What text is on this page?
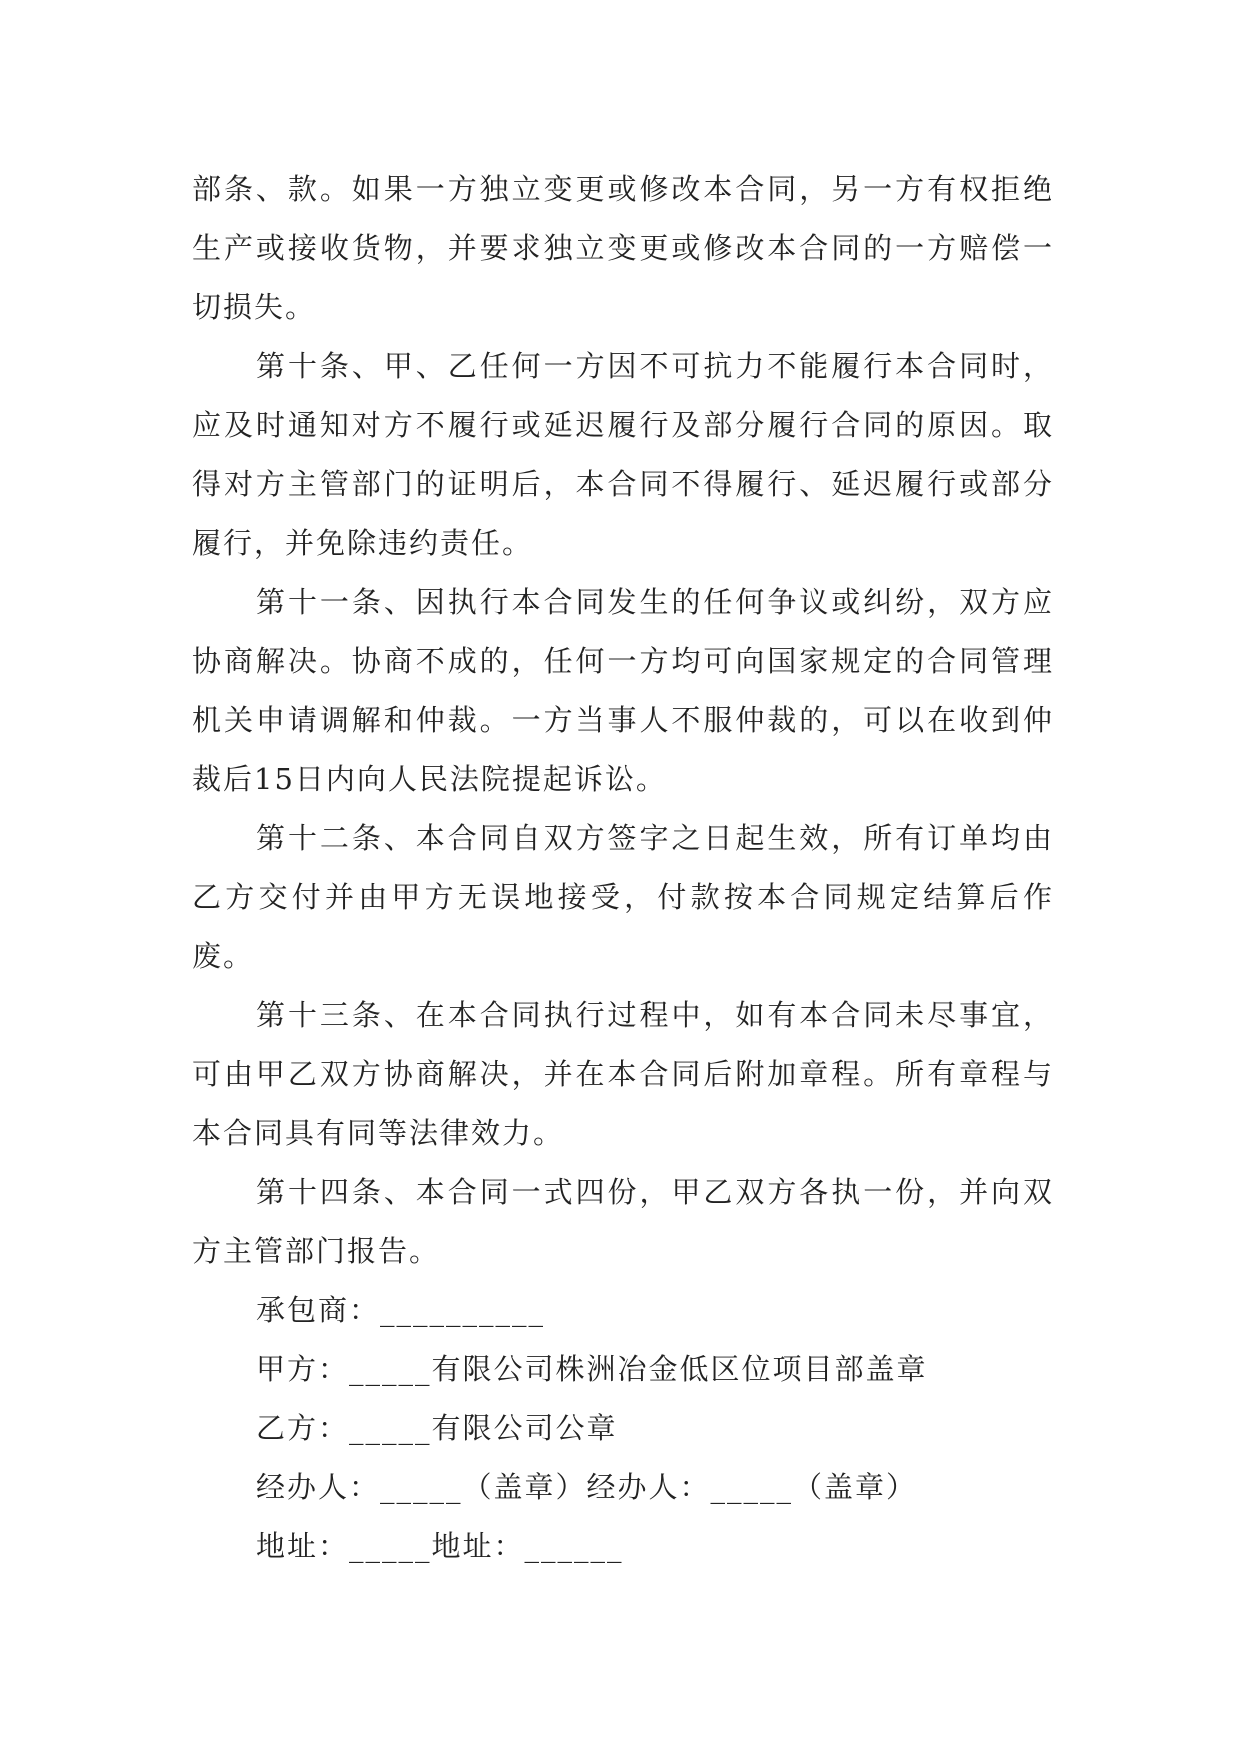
部条、款。如果一方独立变更或修改本合同，另一方有权拒绝生产或接收货物，并要求独立变更或修改本合同的一方赔偿一切损失。

第十条、甲、乙任何一方因不可抗力不能履行本合同时，应及时通知对方不履行或延迟履行及部分履行合同的原因。取得对方主管部门的证明后，本合同不得履行、延迟履行或部分履行，并免除违约责任。

第十一条、因执行本合同发生的任何争议或纠纷，双方应协商解决。协商不成的，任何一方均可向国家规定的合同管理机关申请调解和仲裁。一方当事人不服仲裁的，可以在收到仲裁后15日内向人民法院提起诉讼。

第十二条、本合同自双方签字之日起生效，所有订单均由乙方交付并由甲方无误地接受，付款按本合同规定结算后作废。

第十三条、在本合同执行过程中，如有本合同未尽事宜，可由甲乙双方协商解决，并在本合同后附加章程。所有章程与本合同具有同等法律效力。

第十四条、本合同一式四份，甲乙双方各执一份，并向双方主管部门报告。

承包商：__________

甲方：_____有限公司株洲冶金低区位项目部盖章

乙方：_____有限公司公章

经办人：_____（盖章）经办人：_____（盖章）

地址：_____地址：______
